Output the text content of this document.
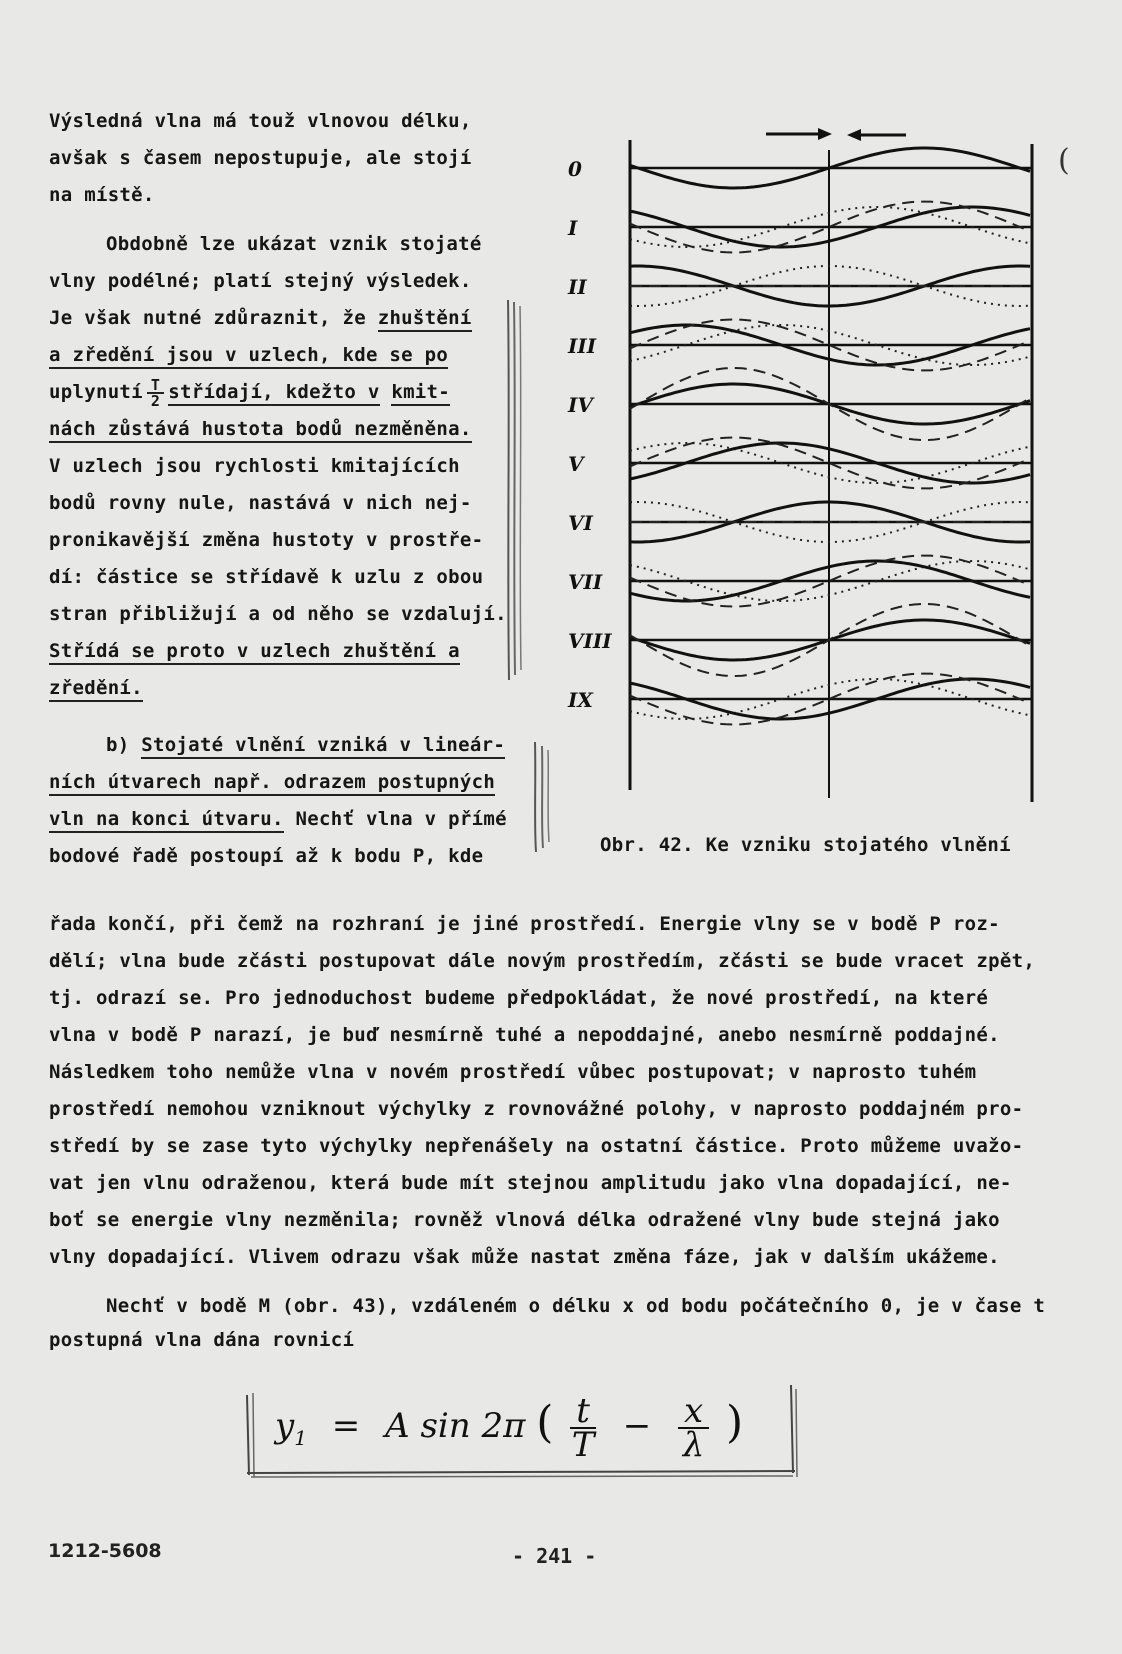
(

Výsledná vlna má touž vlnovou délku,
avšak s časem nepostupuje, ale stojí
na místě.

Obdobně lze ukázat vznik stojaté
vlny podélné; platí stejný výsledek.
Je však nutné zdůraznit, že zhuštění
a zředění jsou v uzlech, kde se po
uplynutí $\frac{T}{2}$ střídají, kdežto v kmit-
nách zůstává hustota bodů nezměněna.
V uzlech jsou rychlosti kmitajících
bodů rovny nule, nastává v nich nej-
pronikavější změna hustoty v prostře-
dí: částice se střídavě k uzlu z obou
stran přibližují a od něho se vzdalují.
Střídá se proto v uzlech zhuštění a
zředění.

b) Stojaté vlnění vzniká v lineár-
ních útvarech např. odrazem postupných
vln na konci útvaru. Nechť vlna v přímé
bodové řadě postoupí až k bodu P, kde

0
I
II
III
IV
V
VI
VII
VIII
IX
Obr. 42. Ke vzniku stojatého vlnění
řada končí, při čemž na rozhraní je jiné prostředí. Energie vlny se v bodě P roz-
dělí; vlna bude zčásti postupovat dále novým prostředím, zčásti se bude vracet zpět,
tj. odrazí se. Pro jednoduchost budeme předpokládat, že nové prostředí, na které
vlna v bodě P narazí, je buď nesmírně tuhé a nepoddajné, anebo nesmírně poddajné.
Následkem toho nemůže vlna v novém prostředí vůbec postupovat; v naprosto tuhém
prostředí nemohou vzniknout výchylky z rovnovážné polohy, v naprosto poddajném pro-
středí by se zase tyto výchylky nepřenášely na ostatní částice. Proto můžeme uvažo-
vat jen vlnu odraženou, která bude mít stejnou amplitudu jako vlna dopadající, ne-
boť se energie vlny nezměnila; rovněž vlnová délka odražené vlny bude stejná jako
vlny dopadající. Vlivem odrazu však může nastat změna fáze, jak v dalším ukážeme.
Nechť v bodě M (obr. 43), vzdáleném o délku x od bodu počátečního 0, je v čase t
postupná vlna dána rovnicí
$y_1 = A$ sin 2π ( $\frac{t}{T} - \frac{x}{\lambda}$ )
1212-5608	- 241 -
